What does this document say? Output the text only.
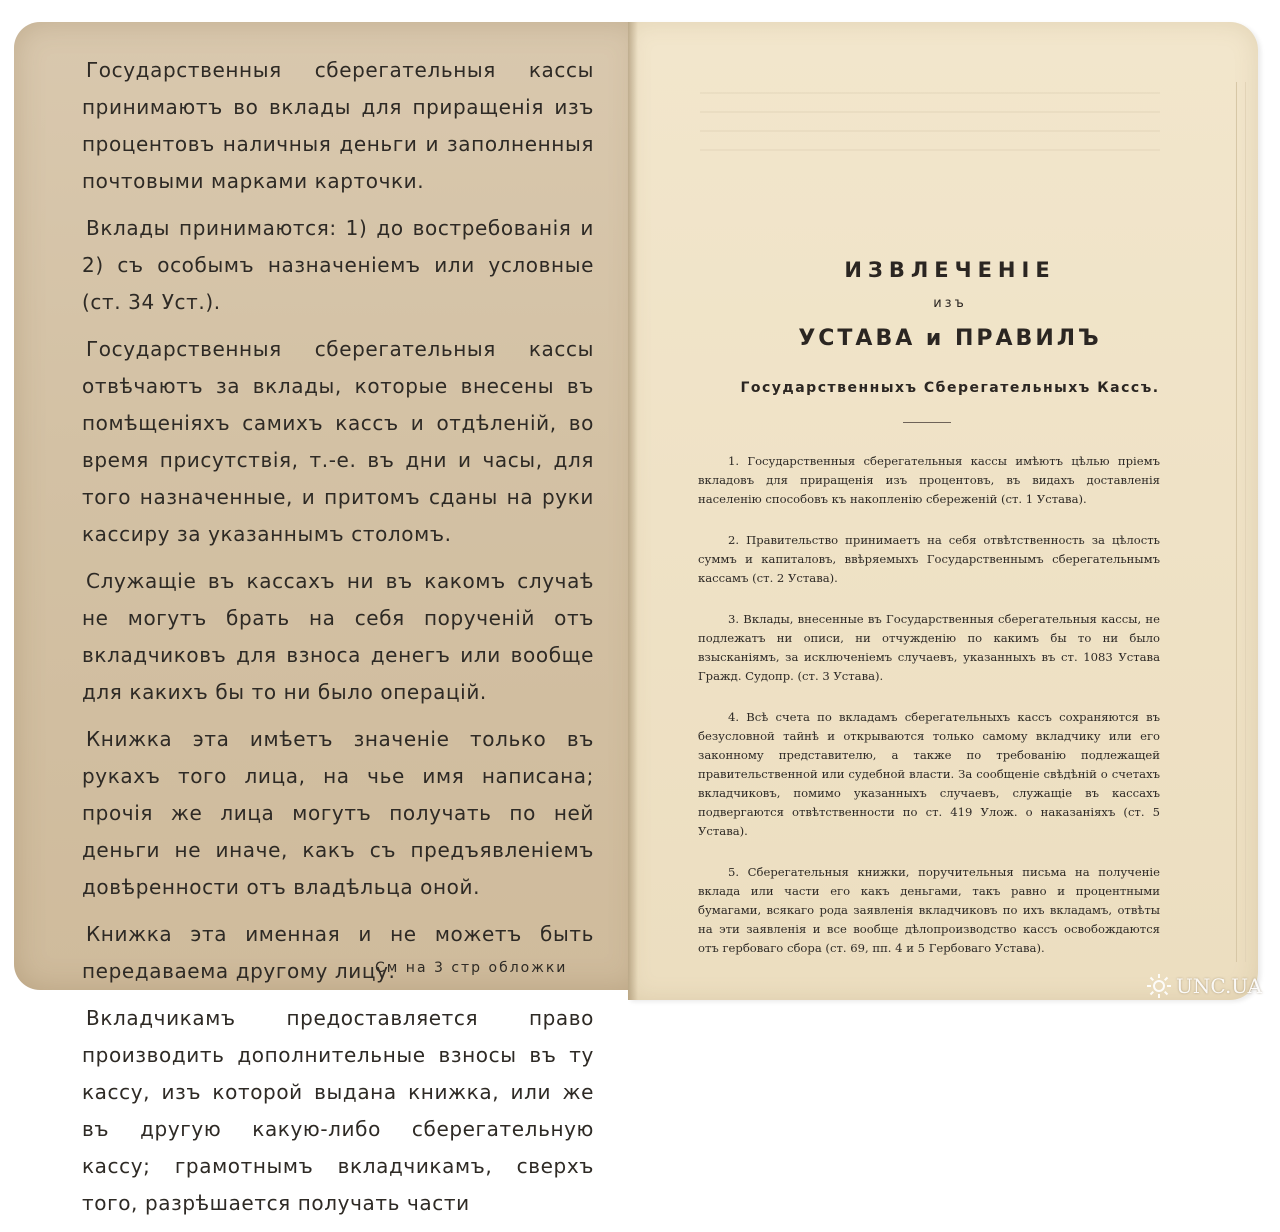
Государственныя сберегательныя кассы принимаютъ во вклады для приращенія изъ процентовъ наличныя деньги и заполненныя почтовыми марками карточки.

Вклады принимаются: 1) до востребованія и 2) съ особымъ назначеніемъ или условные (ст. 34 Уст.).

Государственныя сберегательныя кассы отвѣчаютъ за вклады, которые внесены въ помѣщеніяхъ самихъ кассъ и отдѣленій, во время присутствія, т.-е. въ дни и часы, для того назначенные, и притомъ сданы на руки кассиру за указаннымъ столомъ.

Служащіе въ кассахъ ни въ какомъ случаѣ не могутъ брать на себя порученій отъ вкладчиковъ для взноса денегъ или вообще для какихъ бы то ни было операцій.

Книжка эта имѣетъ значеніе только въ рукахъ того лица, на чье имя написана; прочія же лица могутъ получать по ней деньги не иначе, какъ съ предъявленіемъ довѣренности отъ владѣльца оной.

Книжка эта именная и не можетъ быть передаваема другому лицу.

Вкладчикамъ предоставляется право производить дополнительные взносы въ ту кассу, изъ которой выдана книжка, или же въ другую какую-либо сберегательную кассу; грамотнымъ вкладчикамъ, сверхъ того, разрѣшается получать части

См на 3 стр обложки
ИЗВЛЕЧЕНІЕ
изъ
УСТАВА и ПРАВИЛЪ
Государственныхъ Сберегательныхъ Кассъ.

1. Государственныя сберегательныя кассы имѣютъ цѣлью пріемъ вкладовъ для приращенія изъ процентовъ, въ видахъ доставленія населенію способовъ къ накопленію сбереженій (ст. 1 Устава).

2. Правительство принимаетъ на себя отвѣтственность за цѣлость суммъ и капиталовъ, ввѣряемыхъ Государственнымъ сберегательнымъ кассамъ (ст. 2 Устава).

3. Вклады, внесенные въ Государственныя сберегательныя кассы, не подлежатъ ни описи, ни отчужденію по какимъ бы то ни было взысканіямъ, за исключеніемъ случаевъ, указанныхъ въ ст. 1083 Устава Гражд. Судопр. (ст. 3 Устава).

4. Всѣ счета по вкладамъ сберегательныхъ кассъ сохраняются въ безусловной тайнѣ и открываются только самому вкладчику или его законному представителю, а также по требованію подлежащей правительственной или судебной власти. За сообщеніе свѣдѣній о счетахъ вкладчиковъ, помимо указанныхъ случаевъ, служащіе въ кассахъ подвергаются отвѣтственности по ст. 419 Улож. о наказаніяхъ (ст. 5 Устава).

5. Сберегательныя книжки, поручительныя письма на полученіе вклада или части его какъ деньгами, такъ равно и процентными бумагами, всякаго рода заявленія вкладчиковъ по ихъ вкладамъ, отвѣты на эти заявленія и все вообще дѣлопроизводство кассъ освобождаются отъ гербоваго сбора (ст. 69, пп. 4 и 5 Гербоваго Устава).

UNC.UA
